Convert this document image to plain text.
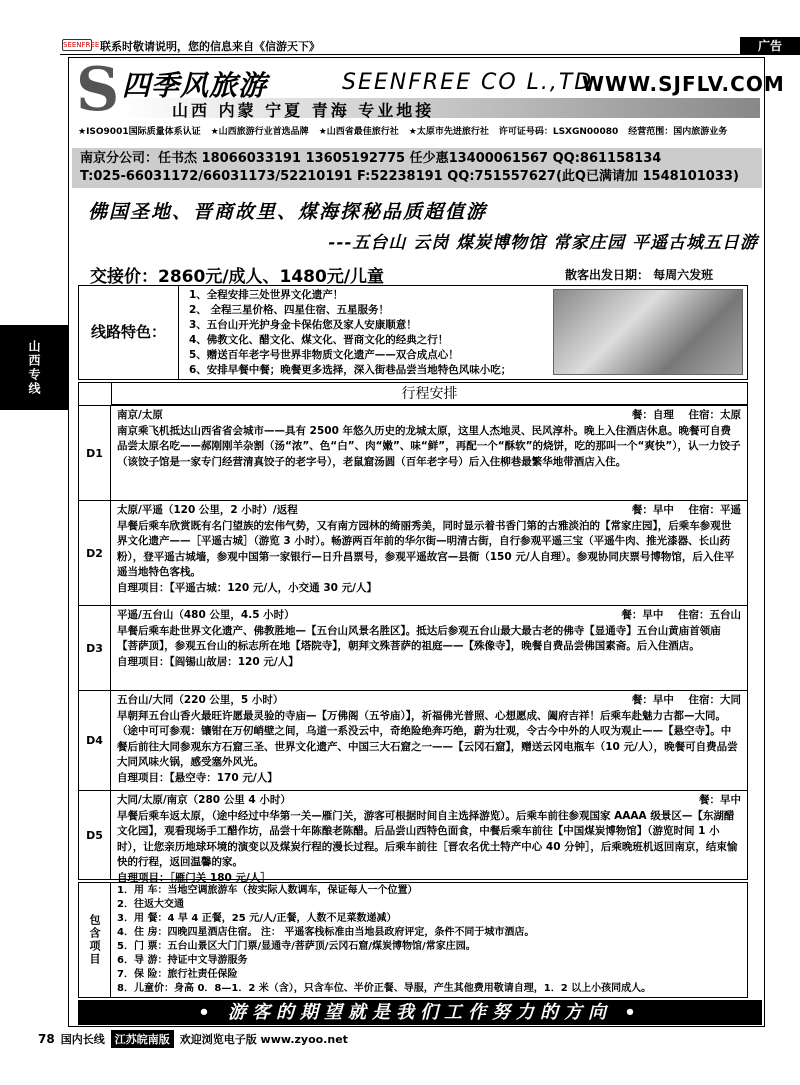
SEENFREE 联系时敬请说明，您的信息来自《信游天下》	广告
山西专线
S 四季风旅游	SEENFREE CO L.,TD.
WWW.SJFLV.COM
山西 内蒙 宁夏 青海 专业地接
★ISO9001国际质量体系认证 ★山西旅游行业首选品牌 ★山西省最佳旅行社 ★太原市先进旅行社 许可证号码：LSXGN00080 经营范围：国内旅游业务
南京分公司：任书杰 18066033191 13605192775 任少惠13400061567 QQ:861158134
T:025-66031172/66031173/52210191 F:52238191 QQ:751557627(此Q已满请加 1548101033)
佛国圣地、晋商故里、煤海探秘品质超值游
---五台山 云岗 煤炭博物馆 常家庄园 平遥古城五日游
交接价：2860元/成人、1480元/儿童	散客出发日期： 每周六发班
线路特色：
1、全程安排三处世界文化遗产！
2、 全程三星价格、四星住宿、五星服务！
3、五台山开光护身金卡保佑您及家人安康顺意！
4、佛教文化、醋文化、煤文化、晋商文化的经典之行！
5、赠送百年老字号世界非物质文化遗产——双合成点心！
6、安排早餐中餐；晚餐更多选择，深入街巷品尝当地特色风味小吃；
行程安排
D1
南京/太原	餐：自理 住宿：太原
南京乘飞机抵达山西省省会城市——具有 2500 年悠久历史的龙城太原，这里人杰地灵、民风淳朴。晚上入住酒店休息。晚餐可自费品尝太原名吃——郝刚刚羊杂割（汤“浓”、色“白”、肉“嫩”、味“鲜”，再配一个“酥软”的烧饼，吃的那叫一个“爽快”），认一力饺子（该饺子馆是一家专门经营清真饺子的老字号），老鼠窟汤圆（百年老字号）后入住柳巷最繁华地带酒店入住。
D2
太原/平遥（120 公里，2 小时）/返程	餐：早中 住宿：平遥
早餐后乘车欣赏既有名门望族的宏伟气势，又有南方园林的绮丽秀美，同时显示着书香门第的古雅淡泊的【常家庄园】，后乘车参观世界文化遗产——［平遥古城］（游览 3 小时）。畅游两百年前的华尔街—明清古街，自行参观平遥三宝（平遥牛肉、推光漆器、长山药粉），登平遥古城墙，参观中国第一家银行—日升昌票号，参观平遥故宫—县衙（150 元/人自理）。参观协同庆票号博物馆，后入住平遥当地特色客栈。
自理项目：【平遥古城：120 元/人，小交通 30 元/人】
D3
平遥/五台山（480 公里，4.5 小时）	餐：早中 住宿：五台山
早餐后乘车赴世界文化遗产、佛教胜地—【五台山风景名胜区】。抵达后参观五台山最大最古老的佛寺【显通寺】五台山黄庙首领庙【菩萨顶】，参观五台山的标志所在地【塔院寺】，朝拜文殊菩萨的祖庭——【殊像寺】，晚餐自费品尝佛国素斋。后入住酒店。
自理项目：【阎锡山故居：120 元/人】
D4
五台山/大同（220 公里，5 小时）	餐：早中 住宿：大同
早朝拜五台山香火最旺许愿最灵验的寺庙—【万佛阁（五爷庙）】，祈福佛光普照、心想愿成、阖府吉祥！后乘车赴魅力古都—大同。（途中可可参观：镶钳在万仞峭壁之间，乌道一系没云中，奇绝险绝奔巧绝，蔚为壮观，令古今中外的人叹为观止——【悬空寺】。中餐后前往大同参观东方石窟三圣、世界文化遗产、中国三大石窟之一——【云冈石窟】，赠送云冈电瓶车（10 元/人），晚餐可自费品尝大同风味火锅，感受塞外风光。
自理项目：【悬空寺：170 元/人】
D5
大同/太原/南京（280 公里 4 小时）	餐：早中
早餐后乘车返太原，（途中经过中华第一关—雁门关，游客可根据时间自主选择游览）。后乘车前往参观国家 AAAA 级景区—【东湖醋文化园】，观看现场手工醋作坊，品尝十年陈酿老陈醋。后品尝山西特色面食，中餐后乘车前往【中国煤炭博物馆】（游览时间 1 小时），让您亲历地球环境的演变以及煤炭行程的漫长过程。后乘车前往［晋农名优土特产中心 40 分钟］，后乘晚班机返回南京，结束愉快的行程，返回温馨的家。
自理项目：［雁门关 180 元/人］
包含项目
1．用 车：当地空调旅游车（按实际人数调车，保证每人一个位置）
2．往返大交通
3．用 餐：4 早 4 正餐，25 元/人/正餐，人数不足菜数递减）
4．住 房：四晚四星酒店住宿。 注： 平遥客栈标准由当地县政府评定，条件不同于城市酒店。
5．门 票：五台山景区大门门票/显通寺/菩萨顶/云冈石窟/煤炭博物馆/常家庄园。
6．导 游：持证中文导游服务
7．保 险：旅行社责任保险
8．儿童价：身高 0．8—1．2 米（含），只含车位、半价正餐、导服，产生其他费用敬请自理，1．2 以上小孩同成人。
• 游客的期望就是我们工作努力的方向 •
78 国内长线 江苏皖南版 欢迎浏览电子版 www.zyoo.net
